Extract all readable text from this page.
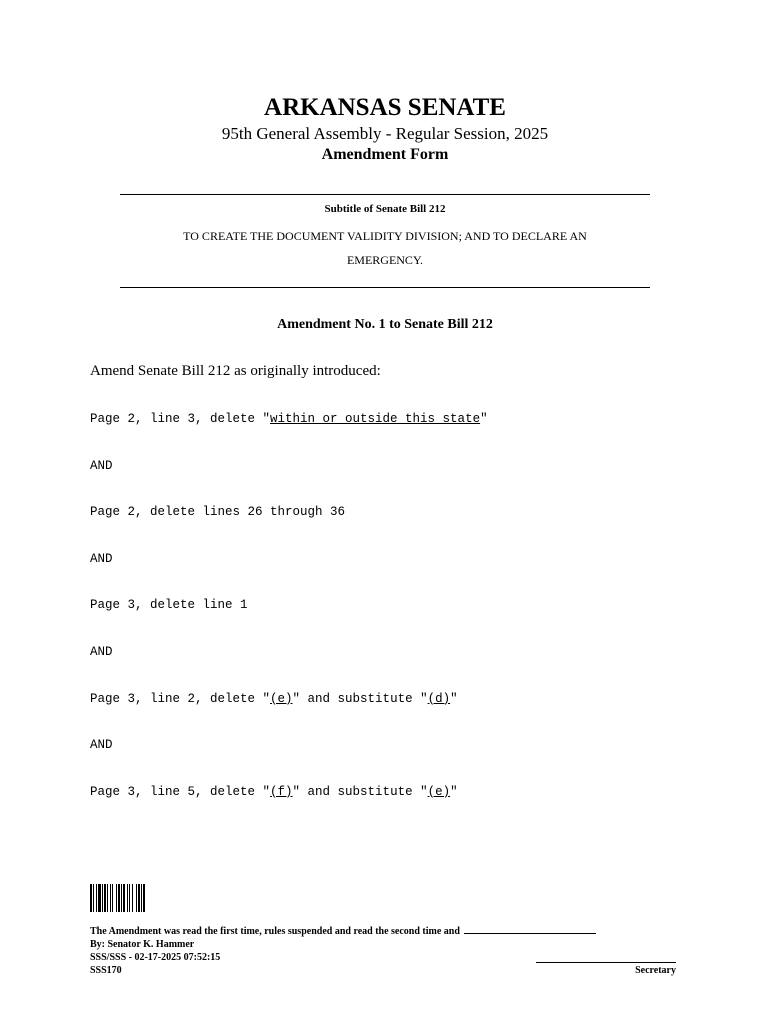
ARKANSAS SENATE
95th General Assembly - Regular Session, 2025
Amendment Form
Subtitle of Senate Bill 212
TO CREATE THE DOCUMENT VALIDITY DIVISION; AND TO DECLARE AN EMERGENCY.
Amendment No. 1 to Senate Bill 212
Amend Senate Bill 212 as originally introduced:
Page 2, line 3, delete "within or outside this state"
AND
Page 2, delete lines 26 through 36
AND
Page 3, delete line 1
AND
Page 3, line 2, delete "(e)" and substitute "(d)"
AND
Page 3, line 5, delete "(f)" and substitute "(e)"
The Amendment was read the first time, rules suspended and read the second time and
By: Senator K. Hammer
SSS/SSS - 02-17-2025 07:52:15
SSS170	Secretary
